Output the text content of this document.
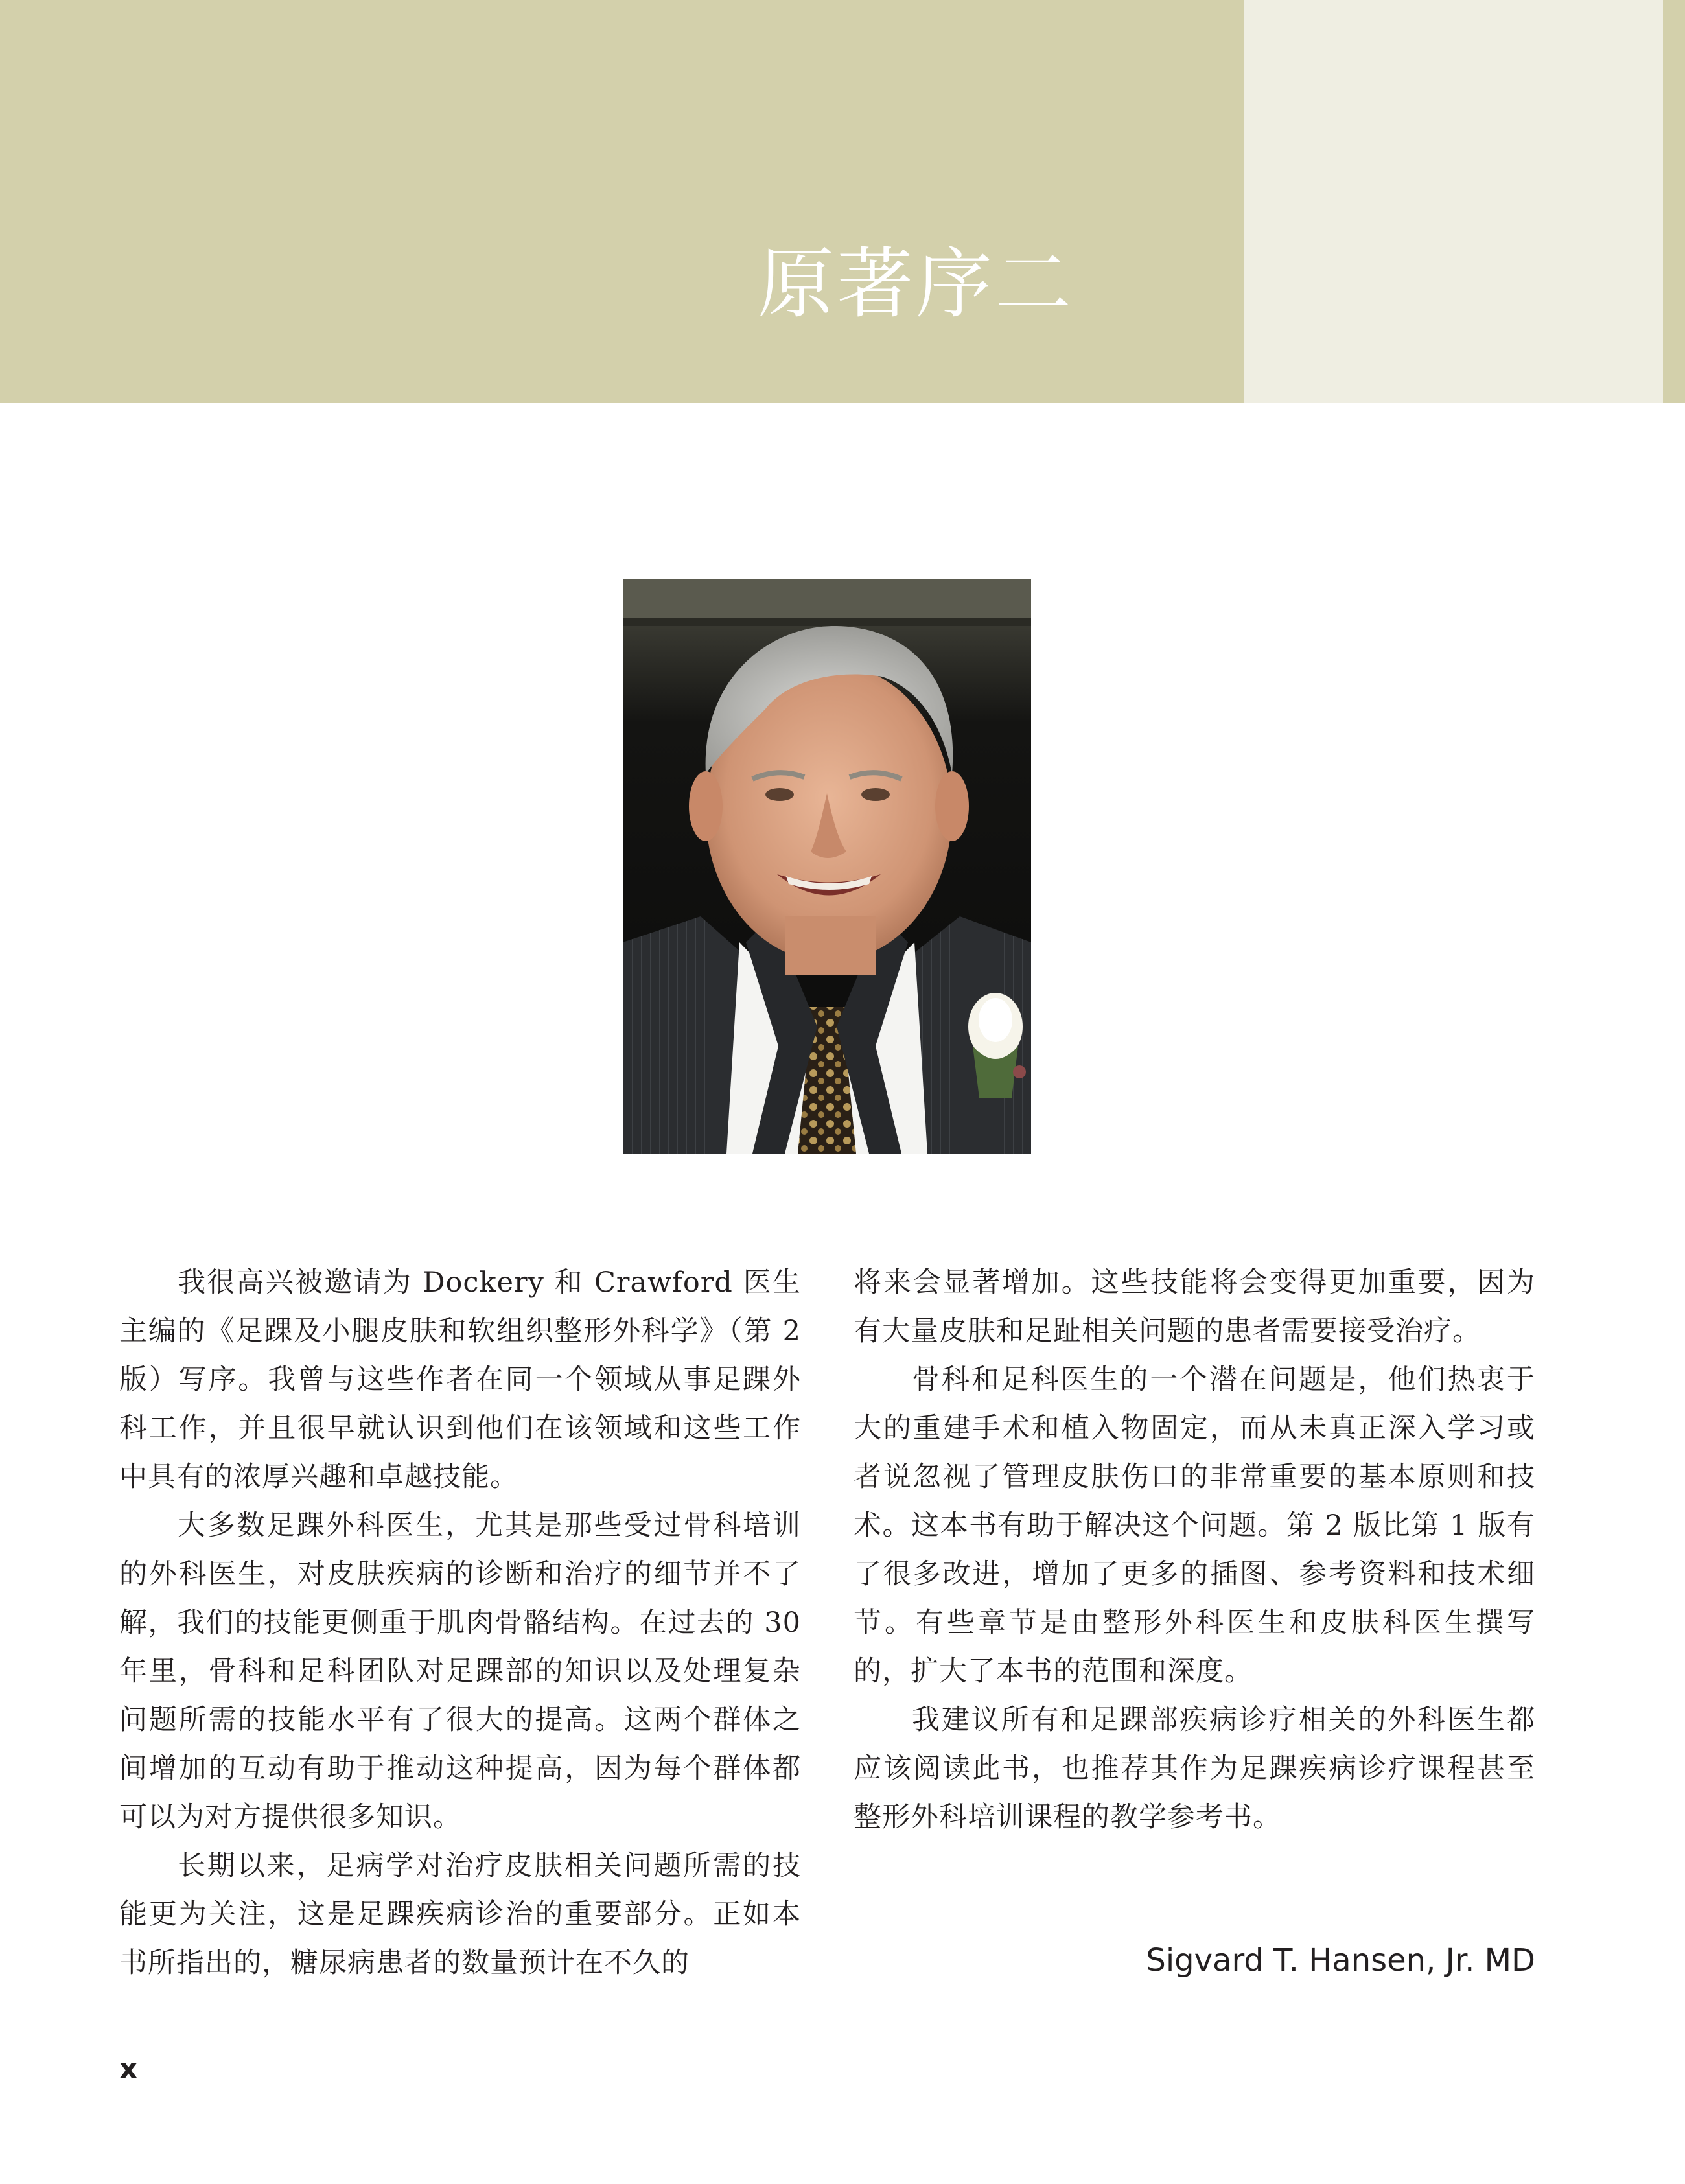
原著序二

我很高兴被邀请为 Dockery 和 Crawford 医生主编的《足踝及小腿皮肤和软组织整形外科学》（第 2 版）写序。我曾与这些作者在同一个领域从事足踝外科工作，并且很早就认识到他们在该领域和这些工作中具有的浓厚兴趣和卓越技能。

大多数足踝外科医生，尤其是那些受过骨科培训的外科医生，对皮肤疾病的诊断和治疗的细节并不了解，我们的技能更侧重于肌肉骨骼结构。在过去的 30 年里，骨科和足科团队对足踝部的知识以及处理复杂问题所需的技能水平有了很大的提高。这两个群体之间增加的互动有助于推动这种提高，因为每个群体都可以为对方提供很多知识。

长期以来，足病学对治疗皮肤相关问题所需的技能更为关注，这是足踝疾病诊治的重要部分。正如本书所指出的，糖尿病患者的数量预计在不久的

将来会显著增加。这些技能将会变得更加重要，因为有大量皮肤和足趾相关问题的患者需要接受治疗。

骨科和足科医生的一个潜在问题是，他们热衷于大的重建手术和植入物固定，而从未真正深入学习或者说忽视了管理皮肤伤口的非常重要的基本原则和技术。这本书有助于解决这个问题。第 2 版比第 1 版有了很多改进，增加了更多的插图、参考资料和技术细节。有些章节是由整形外科医生和皮肤科医生撰写的，扩大了本书的范围和深度。

我建议所有和足踝部疾病诊疗相关的外科医生都应该阅读此书，也推荐其作为足踝疾病诊疗课程甚至整形外科培训课程的教学参考书。

Sigvard T. Hansen, Jr. MD
x
